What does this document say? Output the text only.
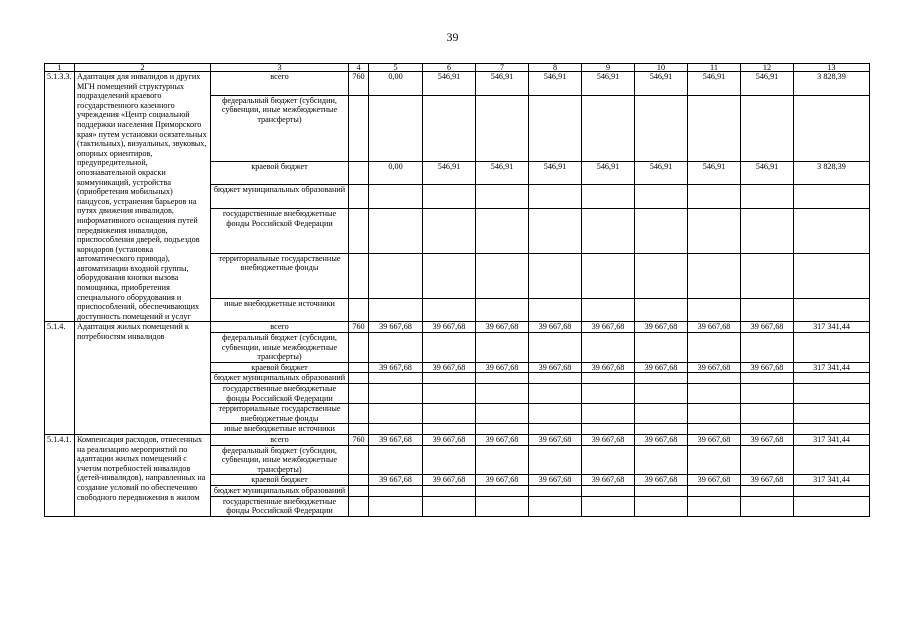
39
1	2	3	4	5	6	7	8	9	10	11	12	13
5.1.3.3.	Адаптация для инвалидов и других МГН помещений структурных подразделений краевого государственного казенного учреждения «Центр социальной поддержки населения Приморского края» путем установки осязательных (тактильных), визуальных, звуковых, опорных ориентиров, предупредительной, опознавательной окраски коммуникаций, устройства (приобретения мобильных) пандусов, устранения барьеров на путях движения инвалидов, информативного оснащения путей передвижения инвалидов, приспособления дверей, подъездов коридоров (установка автоматического привода), автоматизации входной группы, оборудования кнопки вызова помощника, приобретения специального оборудования и приспособлений, обеспечивающих доступность помещений и услуг	всего	760	0,00	546,91	546,91	546,91	546,91	546,91	546,91	546,91	3 828,39
		федеральный бюджет (субсидии, субвенции, иные межбюджетные трансферты)										
		краевой бюджет		0,00	546,91	546,91	546,91	546,91	546,91	546,91	546,91	3 828,39
		бюджет муниципальных образований										
		государственные внебюджетные фонды Российской Федерации										
		территориальные государственные внебюджетные фонды										
		иные внебюджетные источники										
5.1.4.	Адаптация жилых помещений к потребностям инвалидов	всего	760	39 667,68	39 667,68	39 667,68	39 667,68	39 667,68	39 667,68	39 667,68	39 667,68	317 341,44
		федеральный бюджет (субсидии, субвенции, иные межбюджетные трансферты)										
		краевой бюджет		39 667,68	39 667,68	39 667,68	39 667,68	39 667,68	39 667,68	39 667,68	39 667,68	317 341,44
		бюджет муниципальных образований										
		государственные внебюджетные фонды Российской Федерации										
		территориальные государственные внебюджетные фонды										
		иные внебюджетные источники										
5.1.4.1.	Компенсация расходов, отнесенных на реализацию мероприятий по адаптации жилых помещений с учетом потребностей инвалидов (детей-инвалидов), направленных на создание условий по обеспечению свободного передвижения в жилом	всего	760	39 667,68	39 667,68	39 667,68	39 667,68	39 667,68	39 667,68	39 667,68	39 667,68	317 341,44
		федеральный бюджет (субсидии, субвенции, иные межбюджетные трансферты)										
		краевой бюджет		39 667,68	39 667,68	39 667,68	39 667,68	39 667,68	39 667,68	39 667,68	39 667,68	317 341,44
		бюджет муниципальных образований										
		государственные внебюджетные фонды Российской Федерации										
